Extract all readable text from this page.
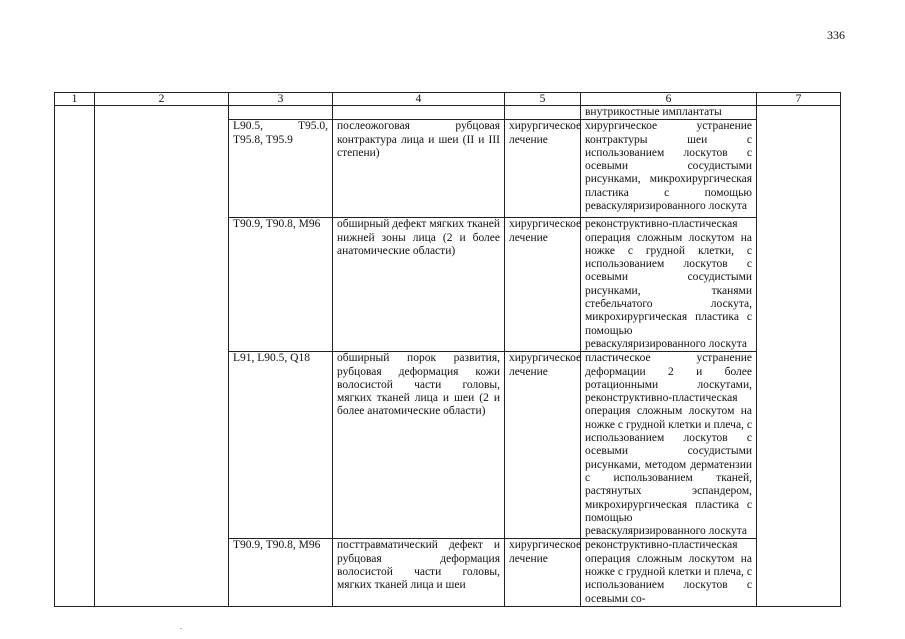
336
1	2	3	4	5	6	7
					внутрикостные имплантаты	
		L90.5, T95.0, T95.8, T95.9	послеожоговая рубцовая контрактура лица и шеи (II и III степени)	хирургическое лечение	хирургическое устранение контрактуры шеи с использованием лоскутов с осевыми сосудистыми рисунками, микрохирургическая пластика с помощью реваскуляризированного лоскута	
		T90.9, T90.8, M96	обширный дефект мягких тканей нижней зоны лица (2 и более анатомические области)	хирургическое лечение	реконструктивно-пластическая операция сложным лоскутом на ножке с грудной клетки, с использованием лоскутов с осевыми сосудистыми рисунками, тканями стебельчатого лоскута, микрохирургическая пластика с помощью реваскуляризированного лоскута	
		L91, L90.5, Q18	обширный порок развития, рубцовая деформация кожи волосистой части головы, мягких тканей лица и шеи (2 и более анатомические области)	хирургическое лечение	пластическое устранение деформации 2 и более ротационными лоскутами, реконструктивно-пластическая операция сложным лоскутом на ножке с грудной клетки и плеча, с использованием лоскутов с осевыми сосудистыми рисунками, методом дерматензии с использованием тканей, растянутых эспандером, микрохирургическая пластика с помощью реваскуляризированного лоскута	
		T90.9, T90.8, M96	посттравматический дефект и рубцовая деформация волосистой части головы, мягких тканей лица и шеи	хирургическое лечение	реконструктивно-пластическая операция сложным лоскутом на ножке с грудной клетки и плеча, с использованием лоскутов с осевыми со-	
